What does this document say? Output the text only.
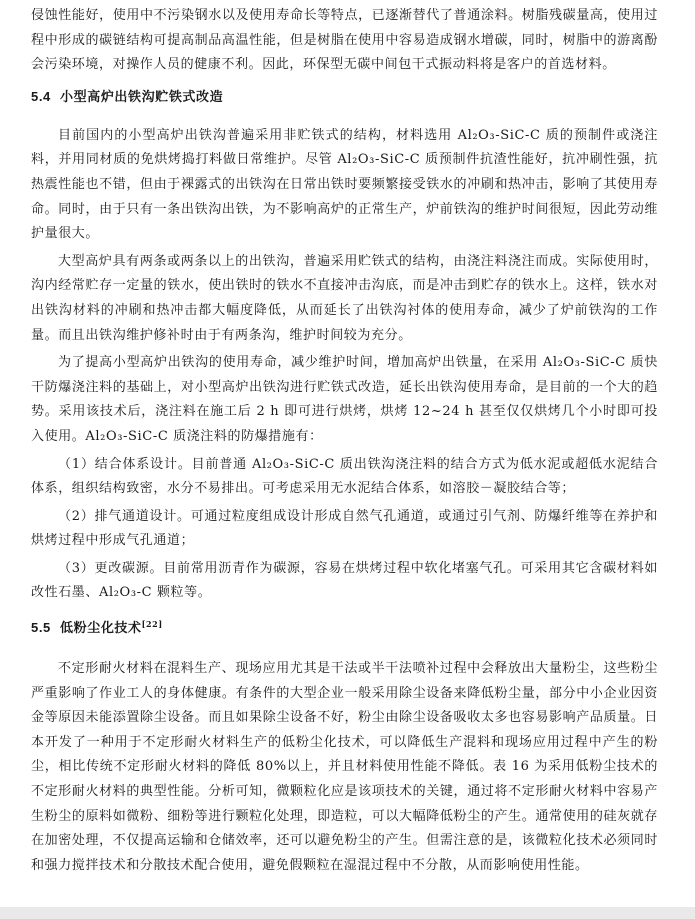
侵蚀性能好，使用中不污染钢水以及使用寿命长等特点，已逐渐替代了普通涂料。树脂残碳量高，使用过程中形成的碳链结构可提高制品高温性能，但是树脂在使用中容易造成钢水增碳，同时，树脂中的游离酚会污染环境，对操作人员的健康不利。因此，环保型无碳中间包干式振动料将是客户的首选材料。

5.4 小型高炉出铁沟贮铁式改造

目前国内的小型高炉出铁沟普遍采用非贮铁式的结构，材料选用 Al₂O₃-SiC-C 质的预制件或浇注料，并用同材质的免烘烤捣打料做日常维护。尽管 Al₂O₃-SiC-C 质预制件抗渣性能好，抗冲刷性强，抗热震性能也不错，但由于裸露式的出铁沟在日常出铁时要频繁接受铁水的冲刷和热冲击，影响了其使用寿命。同时，由于只有一条出铁沟出铁，为不影响高炉的正常生产，炉前铁沟的维护时间很短，因此劳动维护量很大。

大型高炉具有两条或两条以上的出铁沟，普遍采用贮铁式的结构，由浇注料浇注而成。实际使用时，沟内经常贮存一定量的铁水，使出铁时的铁水不直接冲击沟底，而是冲击到贮存的铁水上。这样，铁水对出铁沟材料的冲刷和热冲击都大幅度降低，从而延长了出铁沟衬体的使用寿命，减少了炉前铁沟的工作量。而且出铁沟维护修补时由于有两条沟，维护时间较为充分。

为了提高小型高炉出铁沟的使用寿命，减少维护时间，增加高炉出铁量，在采用 Al₂O₃-SiC-C 质快干防爆浇注料的基础上，对小型高炉出铁沟进行贮铁式改造，延长出铁沟使用寿命，是目前的一个大的趋势。采用该技术后，浇注料在施工后 2 h 即可进行烘烤，烘烤 12~24 h 甚至仅仅烘烤几个小时即可投入使用。Al₂O₃-SiC-C 质浇注料的防爆措施有：

（1）结合体系设计。目前普通 Al₂O₃-SiC-C 质出铁沟浇注料的结合方式为低水泥或超低水泥结合体系，组织结构致密，水分不易排出。可考虑采用无水泥结合体系，如溶胶－凝胶结合等；

（2）排气通道设计。可通过粒度组成设计形成自然气孔通道，或通过引气剂、防爆纤维等在养护和烘烤过程中形成气孔通道；

（3）更改碳源。目前常用沥青作为碳源，容易在烘烤过程中软化堵塞气孔。可采用其它含碳材料如改性石墨、Al₂O₃-C 颗粒等。

5.5 低粉尘化技术[22]

不定形耐火材料在混料生产、现场应用尤其是干法或半干法喷补过程中会释放出大量粉尘，这些粉尘严重影响了作业工人的身体健康。有条件的大型企业一般采用除尘设备来降低粉尘量，部分中小企业因资金等原因未能添置除尘设备。而且如果除尘设备不好，粉尘由除尘设备吸收太多也容易影响产品质量。日本开发了一种用于不定形耐火材料生产的低粉尘化技术，可以降低生产混料和现场应用过程中产生的粉尘，相比传统不定形耐火材料的降低 80%以上，并且材料使用性能不降低。表 16 为采用低粉尘技术的不定形耐火材料的典型性能。分析可知，微颗粒化应是该项技术的关键，通过将不定形耐火材料中容易产生粉尘的原料如微粉、细粉等进行颗粒化处理，即造粒，可以大幅降低粉尘的产生。通常使用的硅灰就存在加密处理，不仅提高运输和仓储效率，还可以避免粉尘的产生。但需注意的是，该微粒化技术必须同时和强力搅拌技术和分散技术配合使用，避免假颗粒在湿混过程中不分散，从而影响使用性能。
